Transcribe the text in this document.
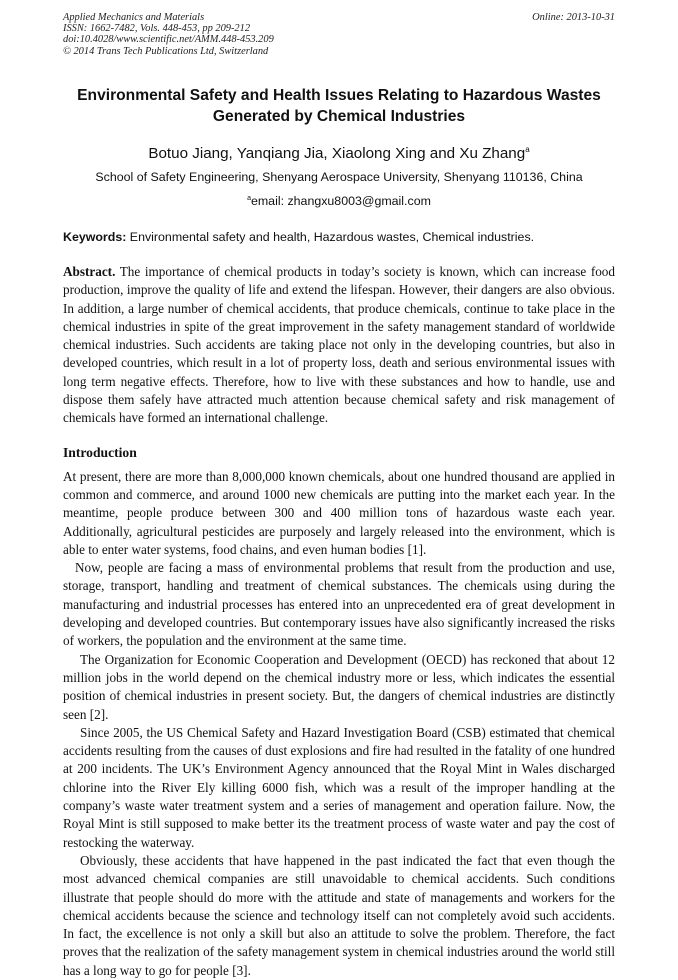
Applied Mechanics and Materials
ISSN: 1662-7482, Vols. 448-453, pp 209-212
doi:10.4028/www.scientific.net/AMM.448-453.209
© 2014 Trans Tech Publications Ltd, Switzerland
Online: 2013-10-31
Environmental Safety and Health Issues Relating to Hazardous Wastes
Generated by Chemical Industries
Botuo Jiang, Yanqiang Jia, Xiaolong Xing and Xu Zhang$^a$
School of Safety Engineering, Shenyang Aerospace University, Shenyang 110136, China
$^a$email: zhangxu8003@gmail.com
Keywords: Environmental safety and health, Hazardous wastes, Chemical industries.
Abstract. The importance of chemical products in today’s society is known, which can increase food production, improve the quality of life and extend the lifespan. However, their dangers are also obvious. In addition, a large number of chemical accidents, that produce chemicals, continue to take place in the chemical industries in spite of the great improvement in the safety management standard of worldwide chemical industries. Such accidents are taking place not only in the developing countries, but also in developed countries, which result in a lot of property loss, death and serious environmental issues with long term negative effects. Therefore, how to live with these substances and how to handle, use and dispose them safely have attracted much attention because chemical safety and risk management of chemicals have formed an international challenge.
Introduction

At present, there are more than 8,000,000 known chemicals, about one hundred thousand are applied in common and commerce, and around 1000 new chemicals are putting into the market each year. In the meantime, people produce between 300 and 400 million tons of hazardous waste each year. Additionally, agricultural pesticides are purposely and largely released into the environment, which is able to enter water systems, food chains, and even human bodies [1].

Now, people are facing a mass of environmental problems that result from the production and use, storage, transport, handling and treatment of chemical substances. The chemicals using during the manufacturing and industrial processes has entered into an unprecedented era of great development in developing and developed countries. But contemporary issues have also significantly increased the risks of workers, the population and the environment at the same time.

The Organization for Economic Cooperation and Development (OECD) has reckoned that about 12 million jobs in the world depend on the chemical industry more or less, which indicates the essential position of chemical industries in present society. But, the dangers of chemical industries are distinctly seen [2].

Since 2005, the US Chemical Safety and Hazard Investigation Board (CSB) estimated that chemical accidents resulting from the causes of dust explosions and fire had resulted in the fatality of one hundred at 200 incidents. The UK’s Environment Agency announced that the Royal Mint in Wales discharged chlorine into the River Ely killing 6000 fish, which was a result of the improper handling at the company’s waste water treatment system and a series of management and operation failure. Now, the Royal Mint is still supposed to make better its the treatment process of waste water and pay the cost of restocking the waterway.

Obviously, these accidents that have happened in the past indicated the fact that even though the most advanced chemical companies are still unavoidable to chemical accidents. Such conditions illustrate that people should do more with the attitude and state of managements and workers for the chemical accidents because the science and technology itself can not completely avoid such accidents. In fact, the excellence is not only a skill but also an attitude to solve the problem. Therefore, the fact proves that the realization of the safety management system in chemical industries around the world still has a long way to go for people [3].
